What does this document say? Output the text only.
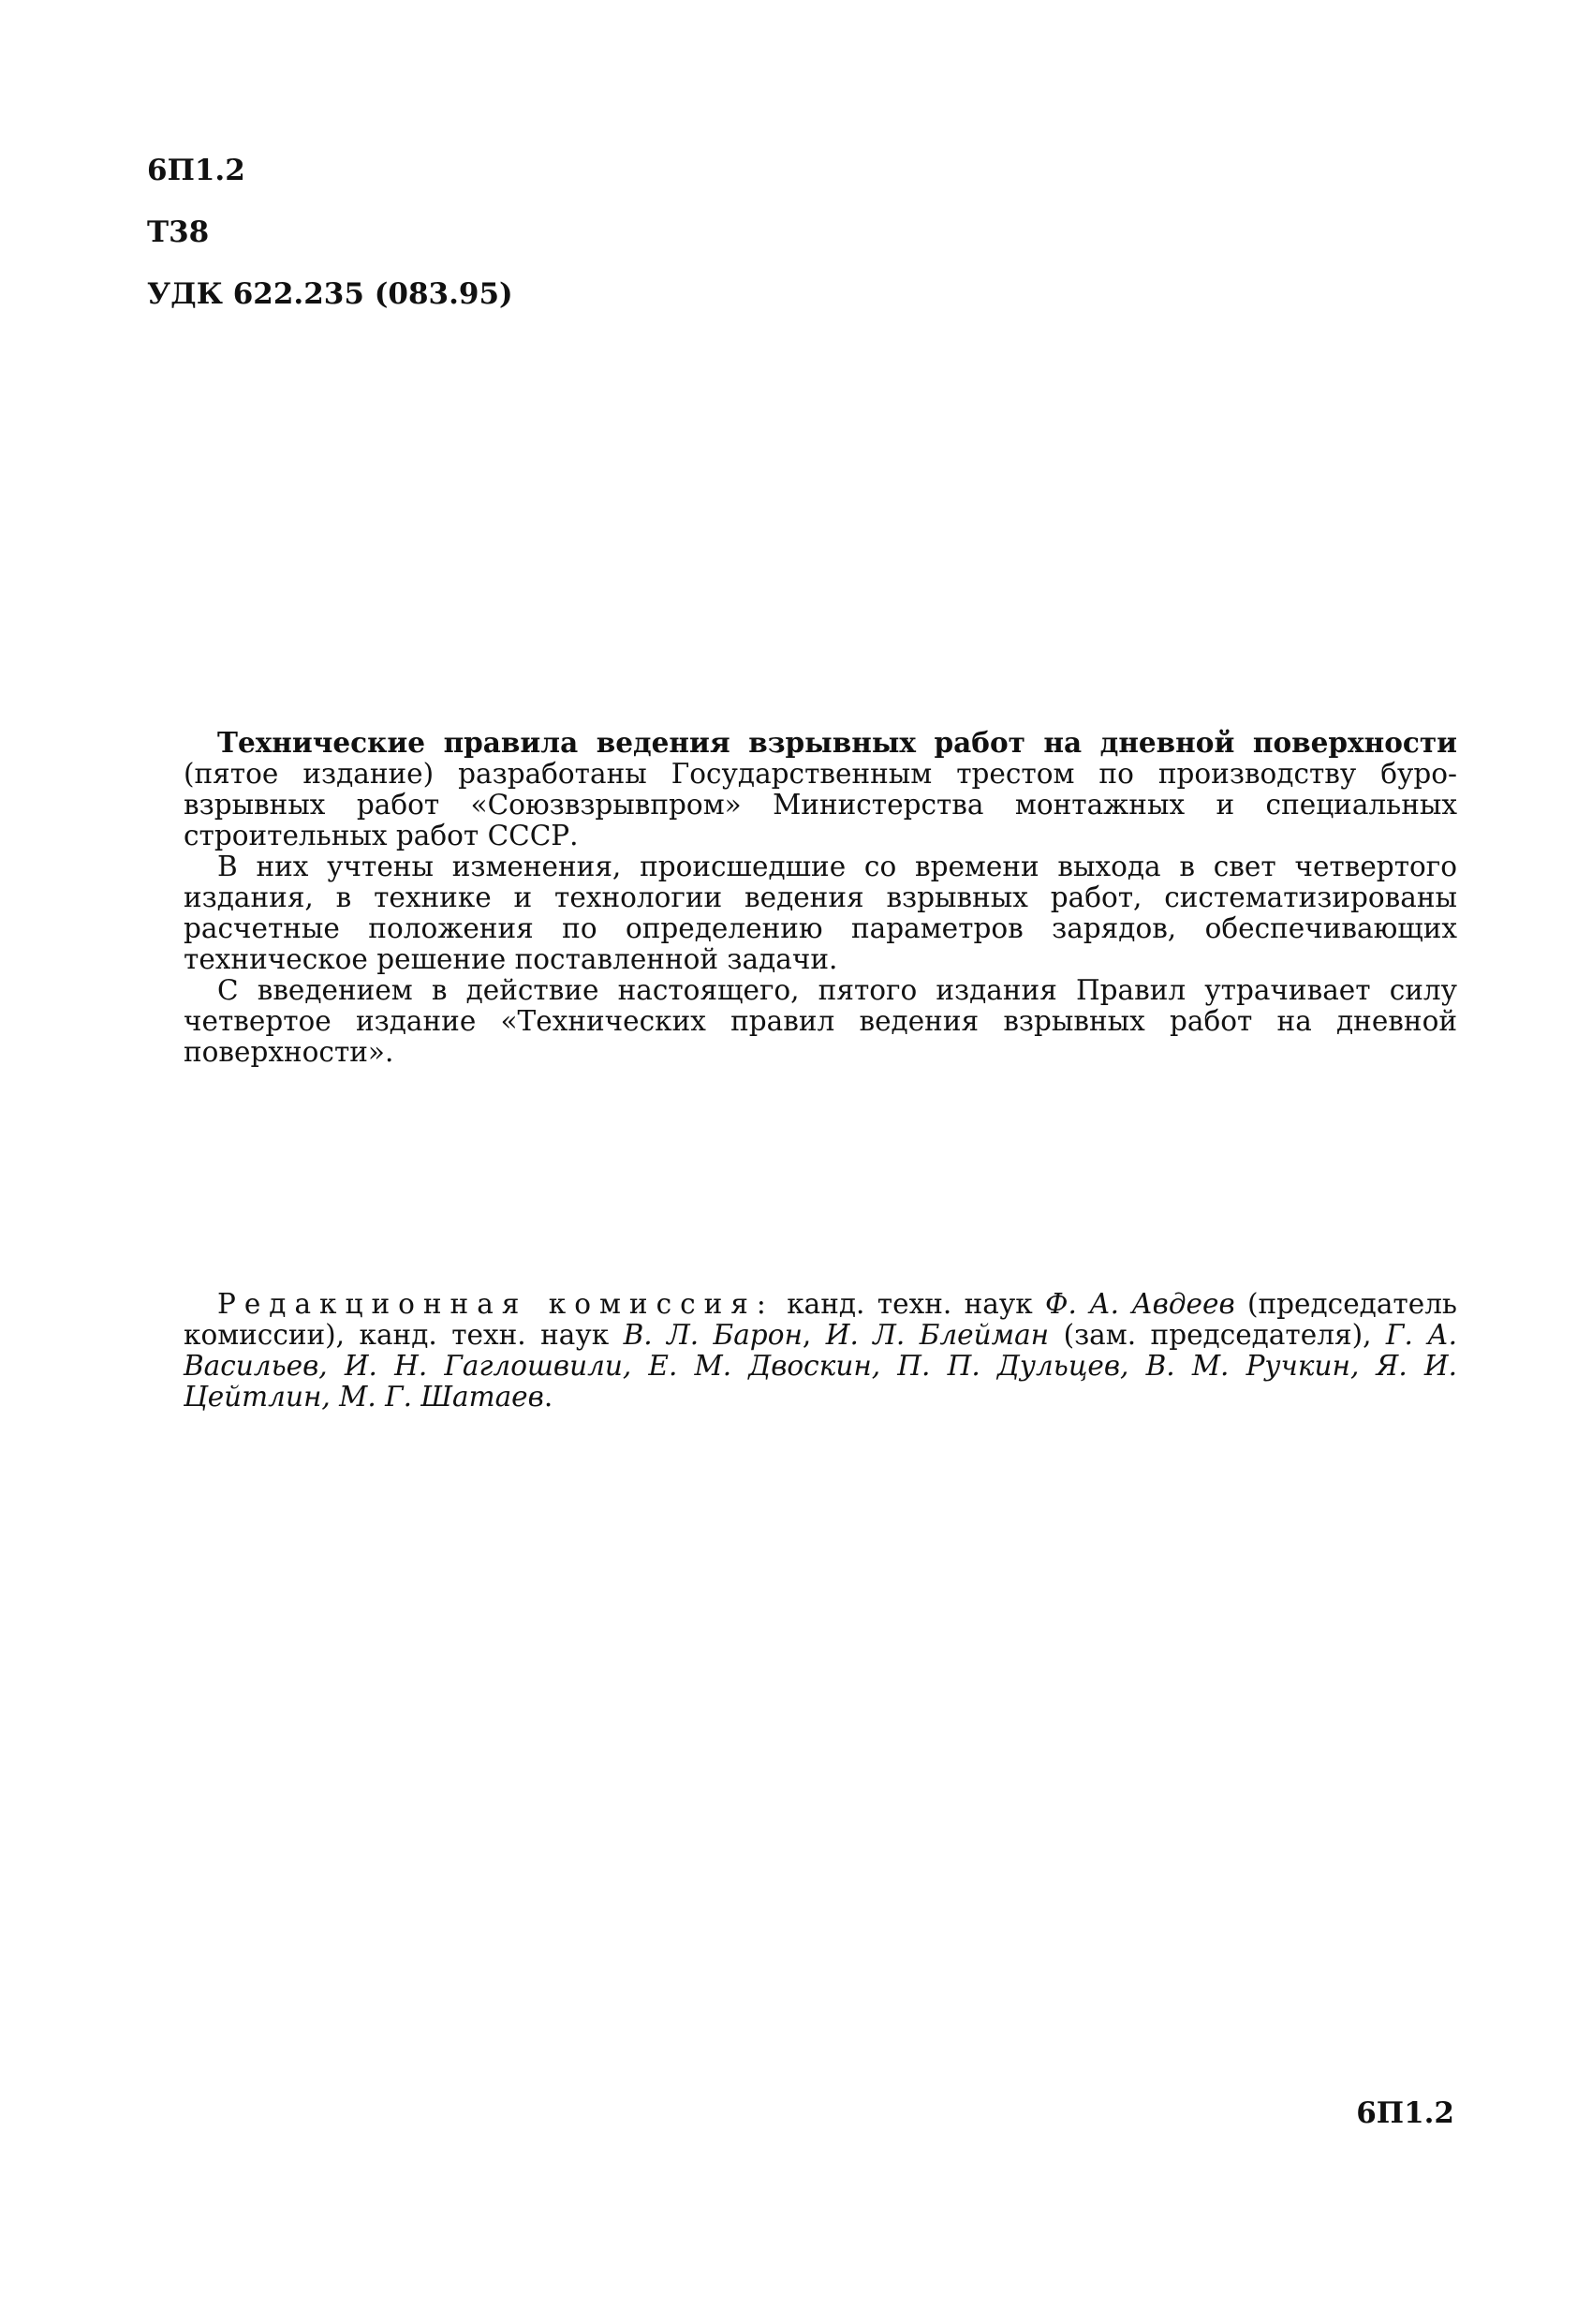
6П1.2
Т38
УДК 622.235 (083.95)

Технические правила ведения взрывных работ на дневной поверхности (пятое издание) разработаны Государственным трестом по производству буро-взрывных работ «Союзвзрывпром» Министерства монтажных и специальных строительных работ СССР.

В них учтены изменения, происшедшие со времени выхода в свет четвертого издания, в технике и технологии ведения взрывных работ, систематизированы расчетные положения по определению параметров зарядов, обеспечивающих техническое решение поставленной задачи.

С введением в действие настоящего, пятого издания Правил утрачивает силу четвертое издание «Технических правил ведения взрывных работ на дневной поверхности».

Редакционная комиссия: канд. техн. наук Ф. А. Авдеев (председатель комиссии), канд. техн. наук В. Л. Барон, И. Л. Блейман (зам. председателя), Г. А. Васильев, И. Н. Гаглошвили, Е. М. Двоскин, П. П. Дульцев, В. М. Ручкин, Я. И. Цейтлин, М. Г. Шатаев.

6П1.2
